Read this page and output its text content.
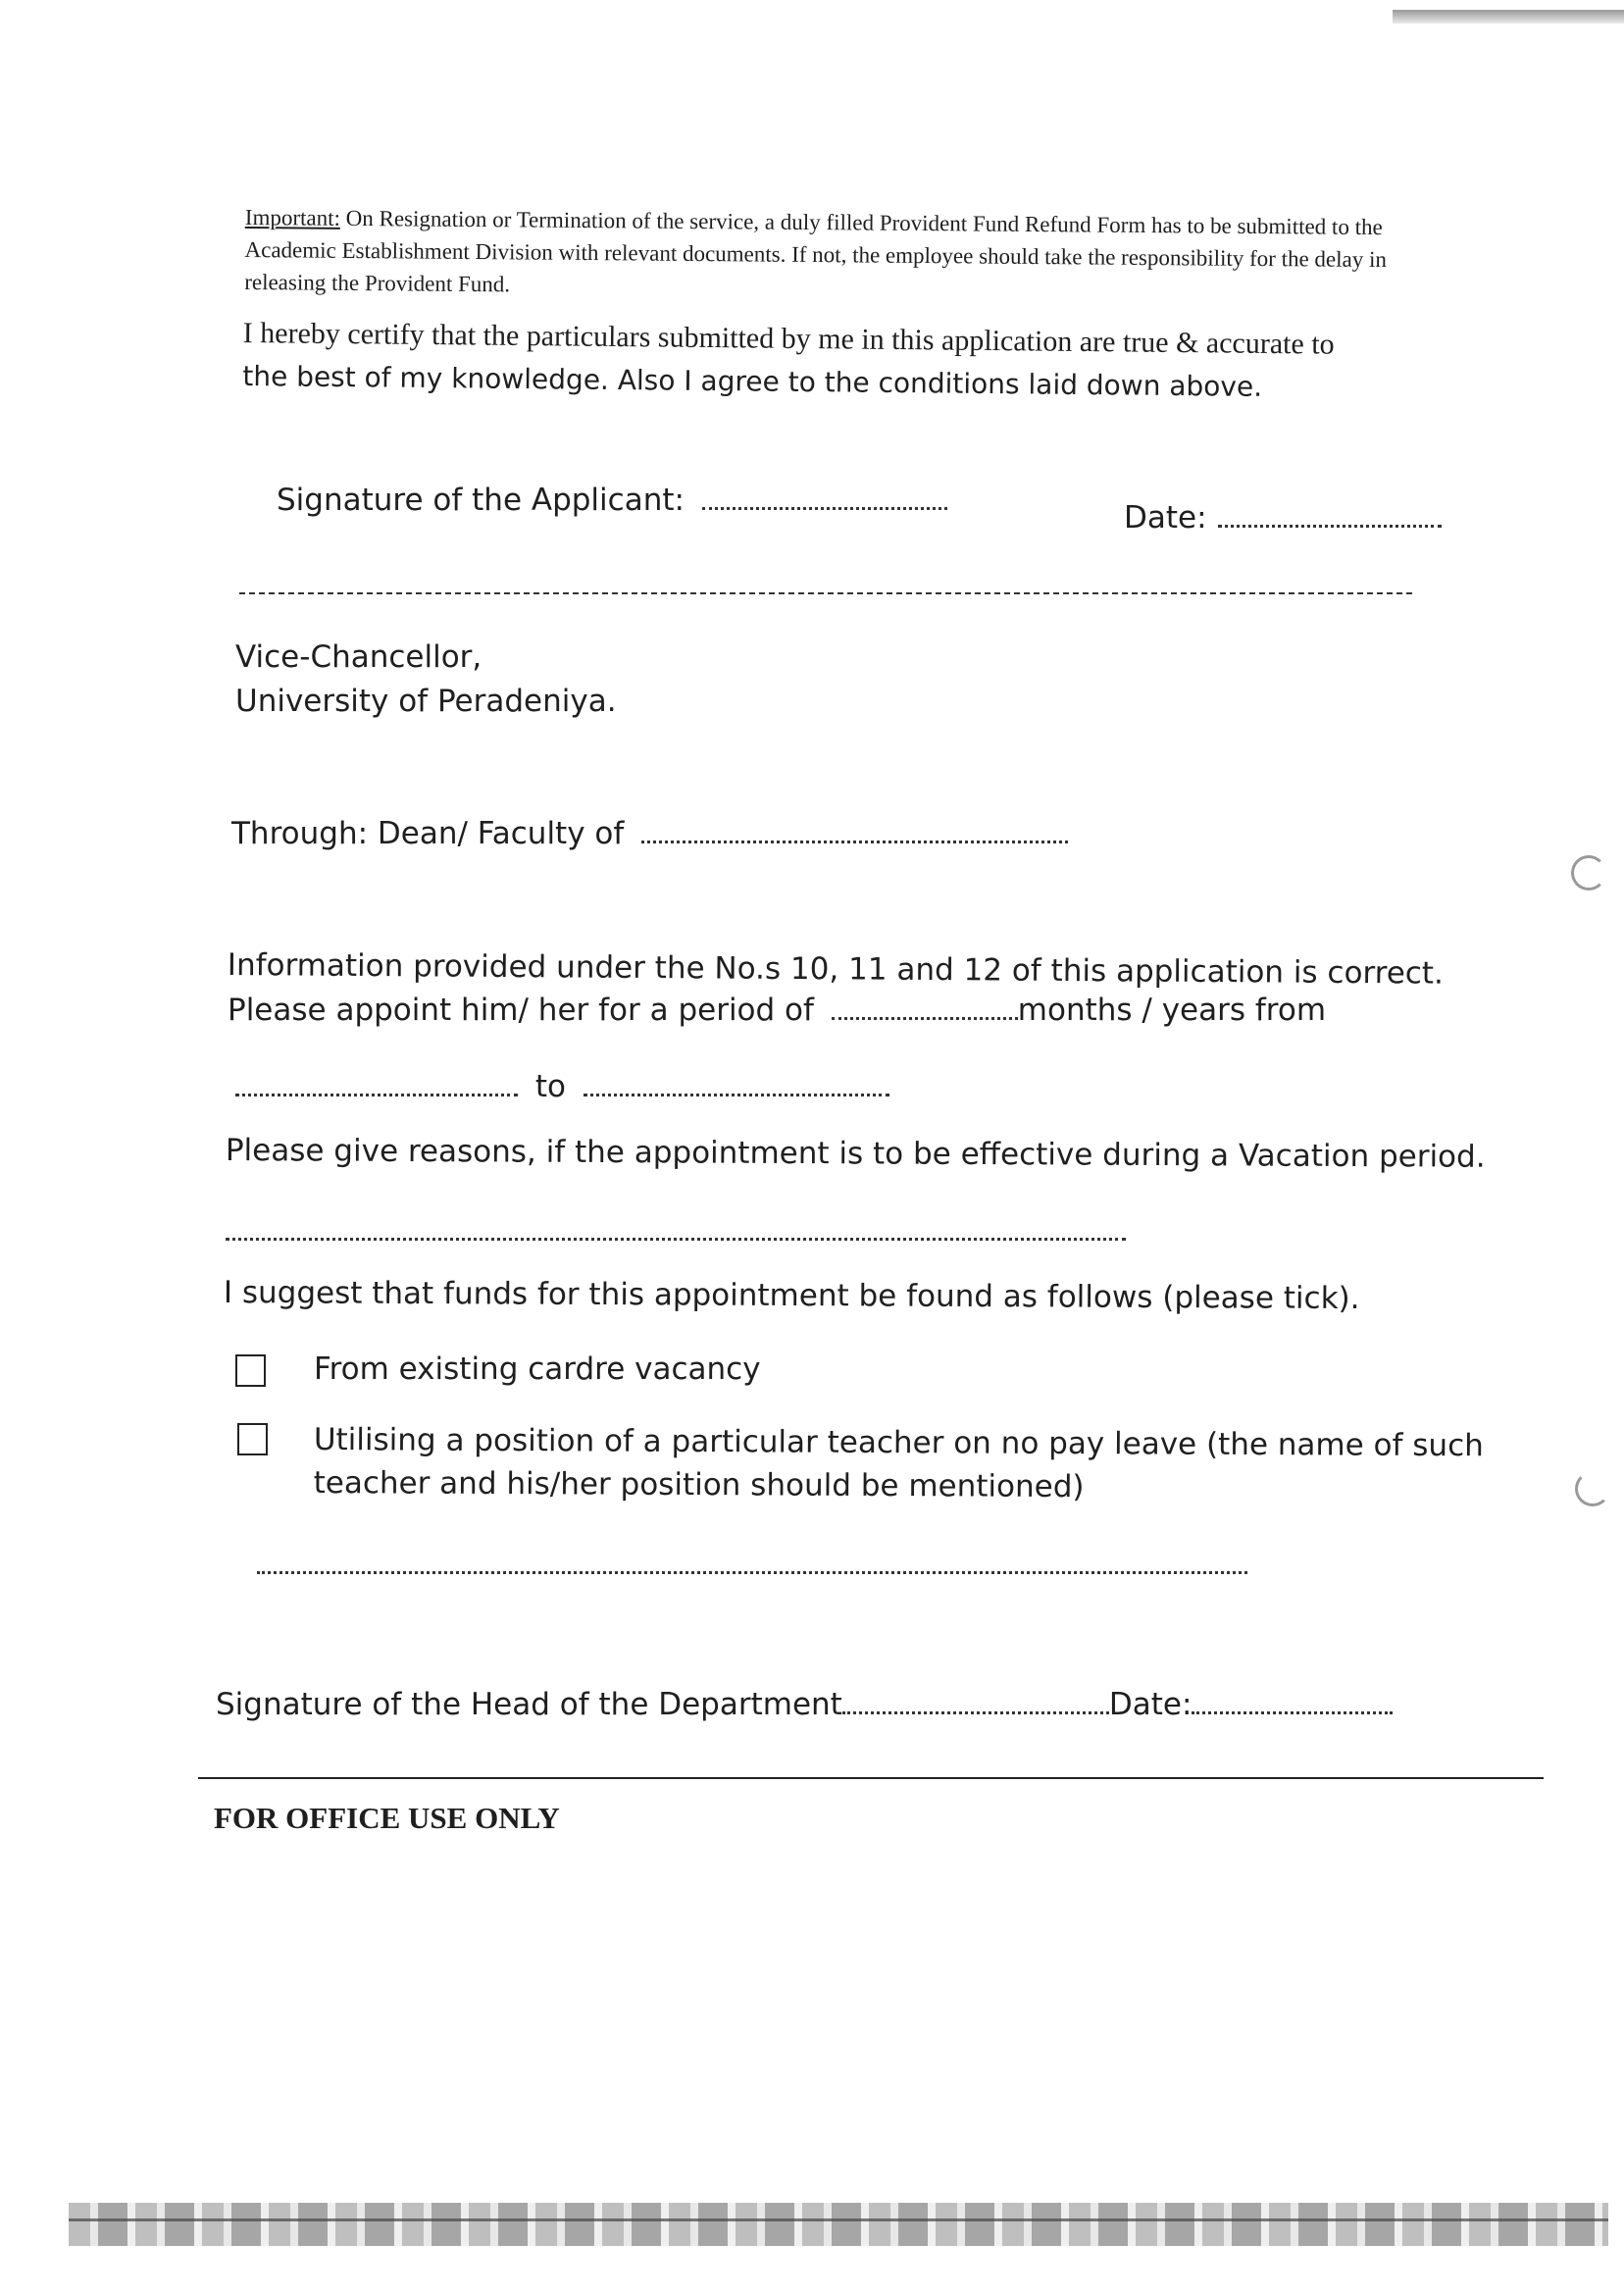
Important: On Resignation or Termination of the service, a duly filled Provident Fund Refund Form has to be submitted to the Academic Establishment Division with relevant documents. If not, the employee should take the responsibility for the delay in releasing the Provident Fund.
I hereby certify that the particulars submitted by me in this application are true & accurate to
the best of my knowledge. Also I agree to the conditions laid down above.
Signature of the Applicant:	Date:
Vice-Chancellor,
University of Peradeniya.
Through: Dean/ Faculty of
Information provided under the No.s 10, 11 and 12 of this application is correct.
Please appoint him/ her for a period of	months / years from
to
Please give reasons, if the appointment is to be effective during a Vacation period.
I suggest that funds for this appointment be found as follows (please tick).
From existing cardre vacancy
Utilising a position of a particular teacher on no pay leave (the name of such
teacher and his/her position should be mentioned)
Signature of the Head of the Department	Date:
FOR OFFICE USE ONLY
